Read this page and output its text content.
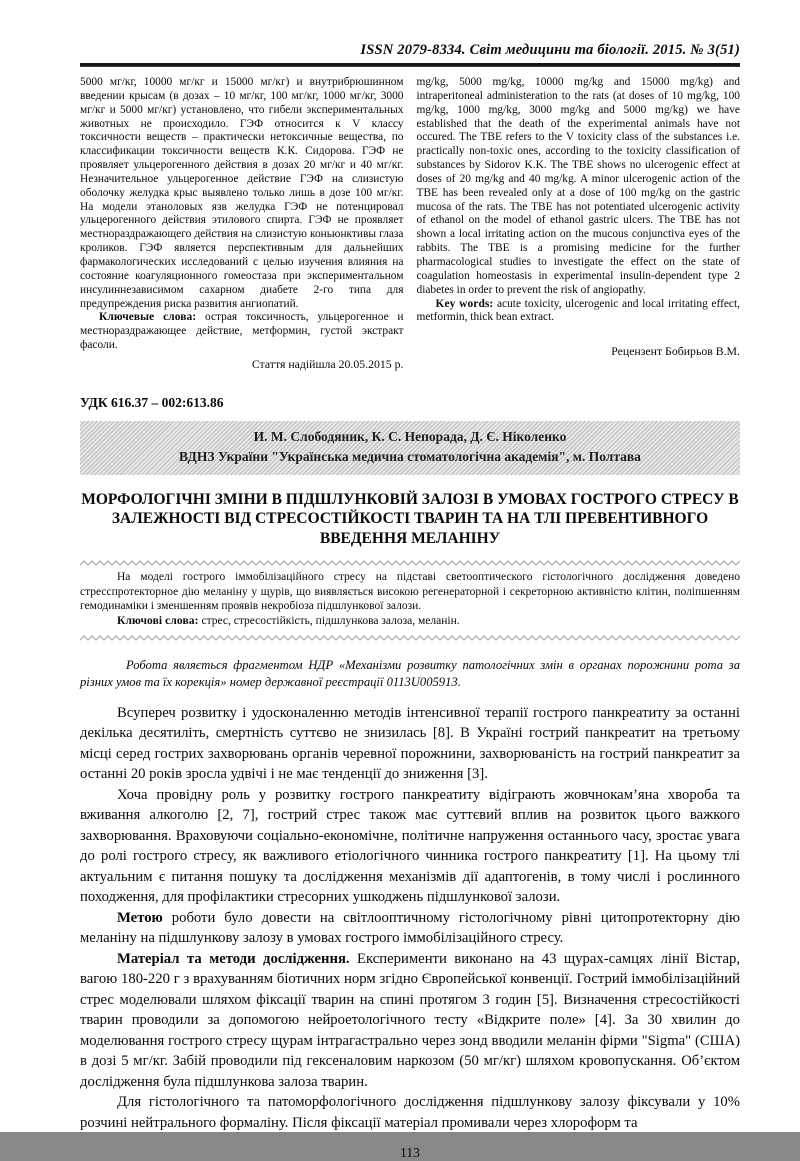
ISSN 2079-8334. Світ медицини та біології. 2015. № 3(51)
5000 мг/кг, 10000 мг/кг и 15000 мг/кг) и внутрибрюшинном введении крысам (в дозах – 10 мг/кг, 100 мг/кг, 1000 мг/кг, 3000 мг/кг и 5000 мг/кг) установлено, что гибели экспериментальных животных не происходило. ГЭФ относится к V классу токсичности веществ – практически нетоксичные вещества, по классификации токсичности веществ К.К. Сидорова. ГЭФ не проявляет ульцерогенного действия в дозах 20 мг/кг и 40 мг/кг. Незначительное ульцерогенное действие ГЭФ на слизистую оболочку желудка крыс выявлено только лишь в дозе 100 мг/кг. На модели этаноловых язв желудка ГЭФ не потенцировал ульцерогенного действия этилового спирта. ГЭФ не проявляет местнораздражающего действия на слизистую коньюнктивы глаза кроликов. ГЭФ является перспективным для дальнейших фармакологических исследований с целью изучения влияния на состояние коагуляционного гомеостаза при экспериментальном инсулиннезависимом сахарном диабете 2-го типа для предупреждения риска развития ангиопатий.
Ключевые слова: острая токсичность, ульцерогенное и местнораздражающее действие, метформин, густой экстракт фасоли.
Стаття надійшла 20.05.2015 р.
mg/kg, 5000 mg/kg, 10000 mg/kg and 15000 mg/kg) and intraperitoneal administeration to the rats (at doses of 10 mg/kg, 100 mg/kg, 1000 mg/kg, 3000 mg/kg and 5000 mg/kg) we have established that the death of the experimental animals have not occured. The TBE refers to the V toxicity class of the substances i.e. practically non-toxic ones, according to the toxicity classification of substances by Sidorov K.K. The TBE shows no ulcerogenic effect at doses of 20 mg/kg and 40 mg/kg. A minor ulcerogenic action of the TBE has been revealed only at a dose of 100 mg/kg on the gastric mucosa of the rats. The TBE has not potentiated ulcerogenic activity of ethanol on the model of ethanol gastric ulcers. The TBE has not shown a local irritating action on the mucous conjunctiva eyes of the rabbits. The TBE is a promising medicine for the further pharmacological studies to investigate the effect on the state of coagulation homeostasis in experimental insulin-dependent type 2 diabetes in order to prevent the risk of angiopathy.
Key words: acute toxicity, ulcerogenic and local irritating effect, metformin, thick bean extract.
Рецензент Бобирьов В.М.
УДК 616.37 – 002:613.86
И. М. Слободяник, К. С. Непорада, Д. Є. Ніколенко
ВДНЗ України "Українська медична стоматологічна академія", м. Полтава
МОРФОЛОГІЧНІ ЗМІНИ В ПІДШЛУНКОВІЙ ЗАЛОЗІ В УМОВАХ ГОСТРОГО СТРЕСУ В ЗАЛЕЖНОСТІ ВІД СТРЕСОСТІЙКОСТІ ТВАРИН ТА НА ТЛІ ПРЕВЕНТИВНОГО ВВЕДЕННЯ МЕЛАНІНУ

На моделі гострого іммобілізаційного стресу на підставі светооптического гістологічного дослідження доведено стресспротекторное дію меланіну у щурів, що виявляється високою регенераторной і секреторною активністю клітин, поліпшенням гемодинаміки і зменшенням проявів некробіоза підшлункової залози.

Ключові слова: стрес, стресостійкість, підшлункова залоза, меланін.

Робота являється фрагментом НДР «Механізми розвитку патологічних змін в органах порожнини рота за різних умов та їх корекція» номер державної реєстрації 0113U005913.

Всупереч розвитку і удосконаленню методів інтенсивної терапії гострого панкреатиту за останні декілька десятиліть, смертність суттєво не знизилась [8]. В Україні гострий панкреатит на третьому місці серед гострих захворювань органів черевної порожнини, захворюваність на гострий панкреатит за останні 20 років зросла удвічі і не має тенденції до зниження [3].

Хоча провідну роль у розвитку гострого панкреатиту відіграють жовчнокам’яна хвороба та вживання алкоголю [2, 7], гострий стрес також має суттєвий вплив на розвиток цього важкого захворювання. Враховуючи соціально-економічне, політичне напруження останнього часу, зростає увага до ролі гострого стресу, як важливого етіологічного чинника гострого панкреатиту [1]. На цьому тлі актуальним є питання пошуку та дослідження механізмів дії адаптогенів, в тому числі і рослинного походження, для профілактики стресорних ушкоджень підшлункової залози.

Метою роботи було довести на світлооптичному гістологічному рівні цитопротекторну дію меланіну на підшлункову залозу в умовах гострого іммобілізаційного стресу.

Матеріал та методи дослідження. Експерименти виконано на 43 щурах-самцях лінії Вістар, вагою 180-220 г з врахуванням біотичних норм згідно Європейської конвенції. Гострий іммобілізаційний стрес моделювали шляхом фіксації тварин на спині протягом 3 годин [5]. Визначення стресостійкості тварин проводили за допомогою нейроетологічного тесту «Відкрите поле» [4]. За 30 хвилин до моделювання гострого стресу щурам інтрагастрально через зонд вводили меланін фірми "Sigma" (США) в дозі 5 мг/кг. Забій проводили під гексеналовим наркозом (50 мг/кг) шляхом кровопускання. Об’єктом дослідження була підшлункова залоза тварин.

Для гістологічного та патоморфологічного дослідження підшлункову залозу фіксували у 10% розчині нейтрального формаліну. Після фіксації матеріал промивали через хлороформ та

113
